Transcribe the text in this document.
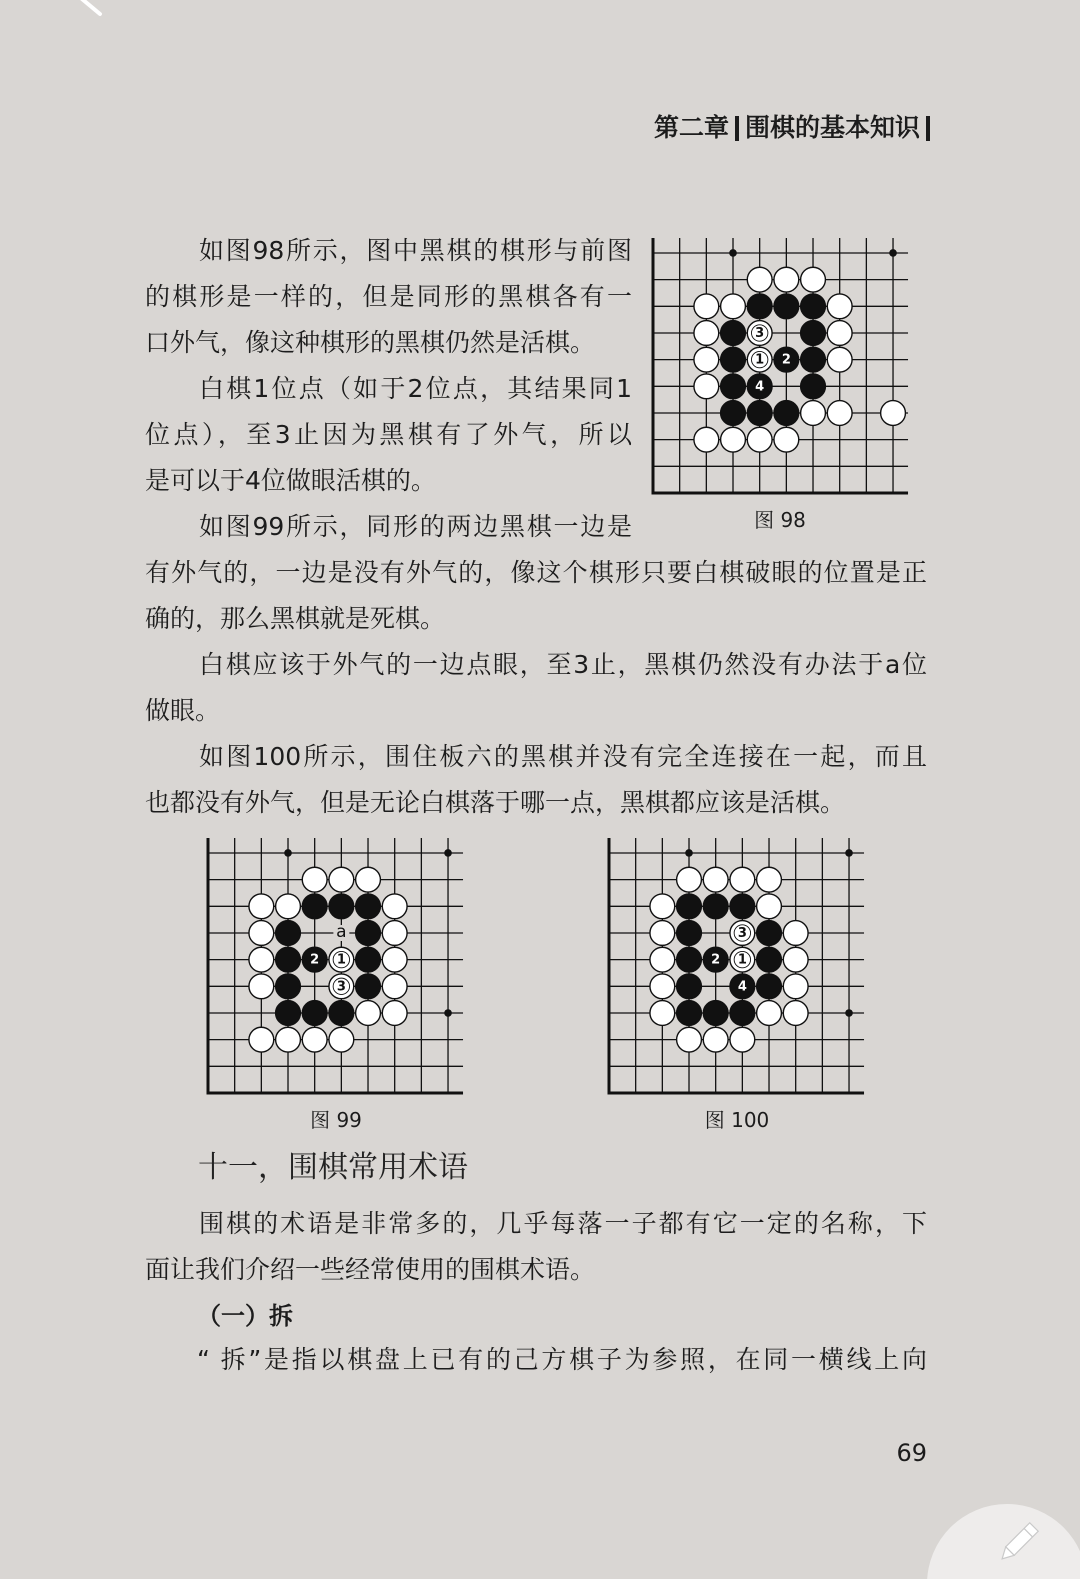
第二章 围棋的基本知识
如图98所示，图中黑棋的棋形与前图
的棋形是一样的，但是同形的黑棋各有一
口外气，像这种棋形的黑棋仍然是活棋。
白棋1位点（如于2位点，其结果同1
位点），至3止因为黑棋有了外气，所以
是可以于4位做眼活棋的。
如图99所示，同形的两边黑棋一边是
有外气的，一边是没有外气的，像这个棋形只要白棋破眼的位置是正
确的，那么黑棋就是死棋。
白棋应该于外气的一边点眼，至3止，黑棋仍然没有办法于a位
做眼。
如图100所示，围住板六的黑棋并没有完全连接在一起，而且
也都没有外气，但是无论白棋落于哪一点，黑棋都应该是活棋。
3
1 2
4
图 98
2 1
3
a
图 99
3
2 1
4
图 100
十一，围棋常用术语
围棋的术语是非常多的，几乎每落一子都有它一定的名称，下
面让我们介绍一些经常使用的围棋术语。
（一）拆
“ 拆”是指以棋盘上已有的己方棋子为参照，在同一横线上向
69
